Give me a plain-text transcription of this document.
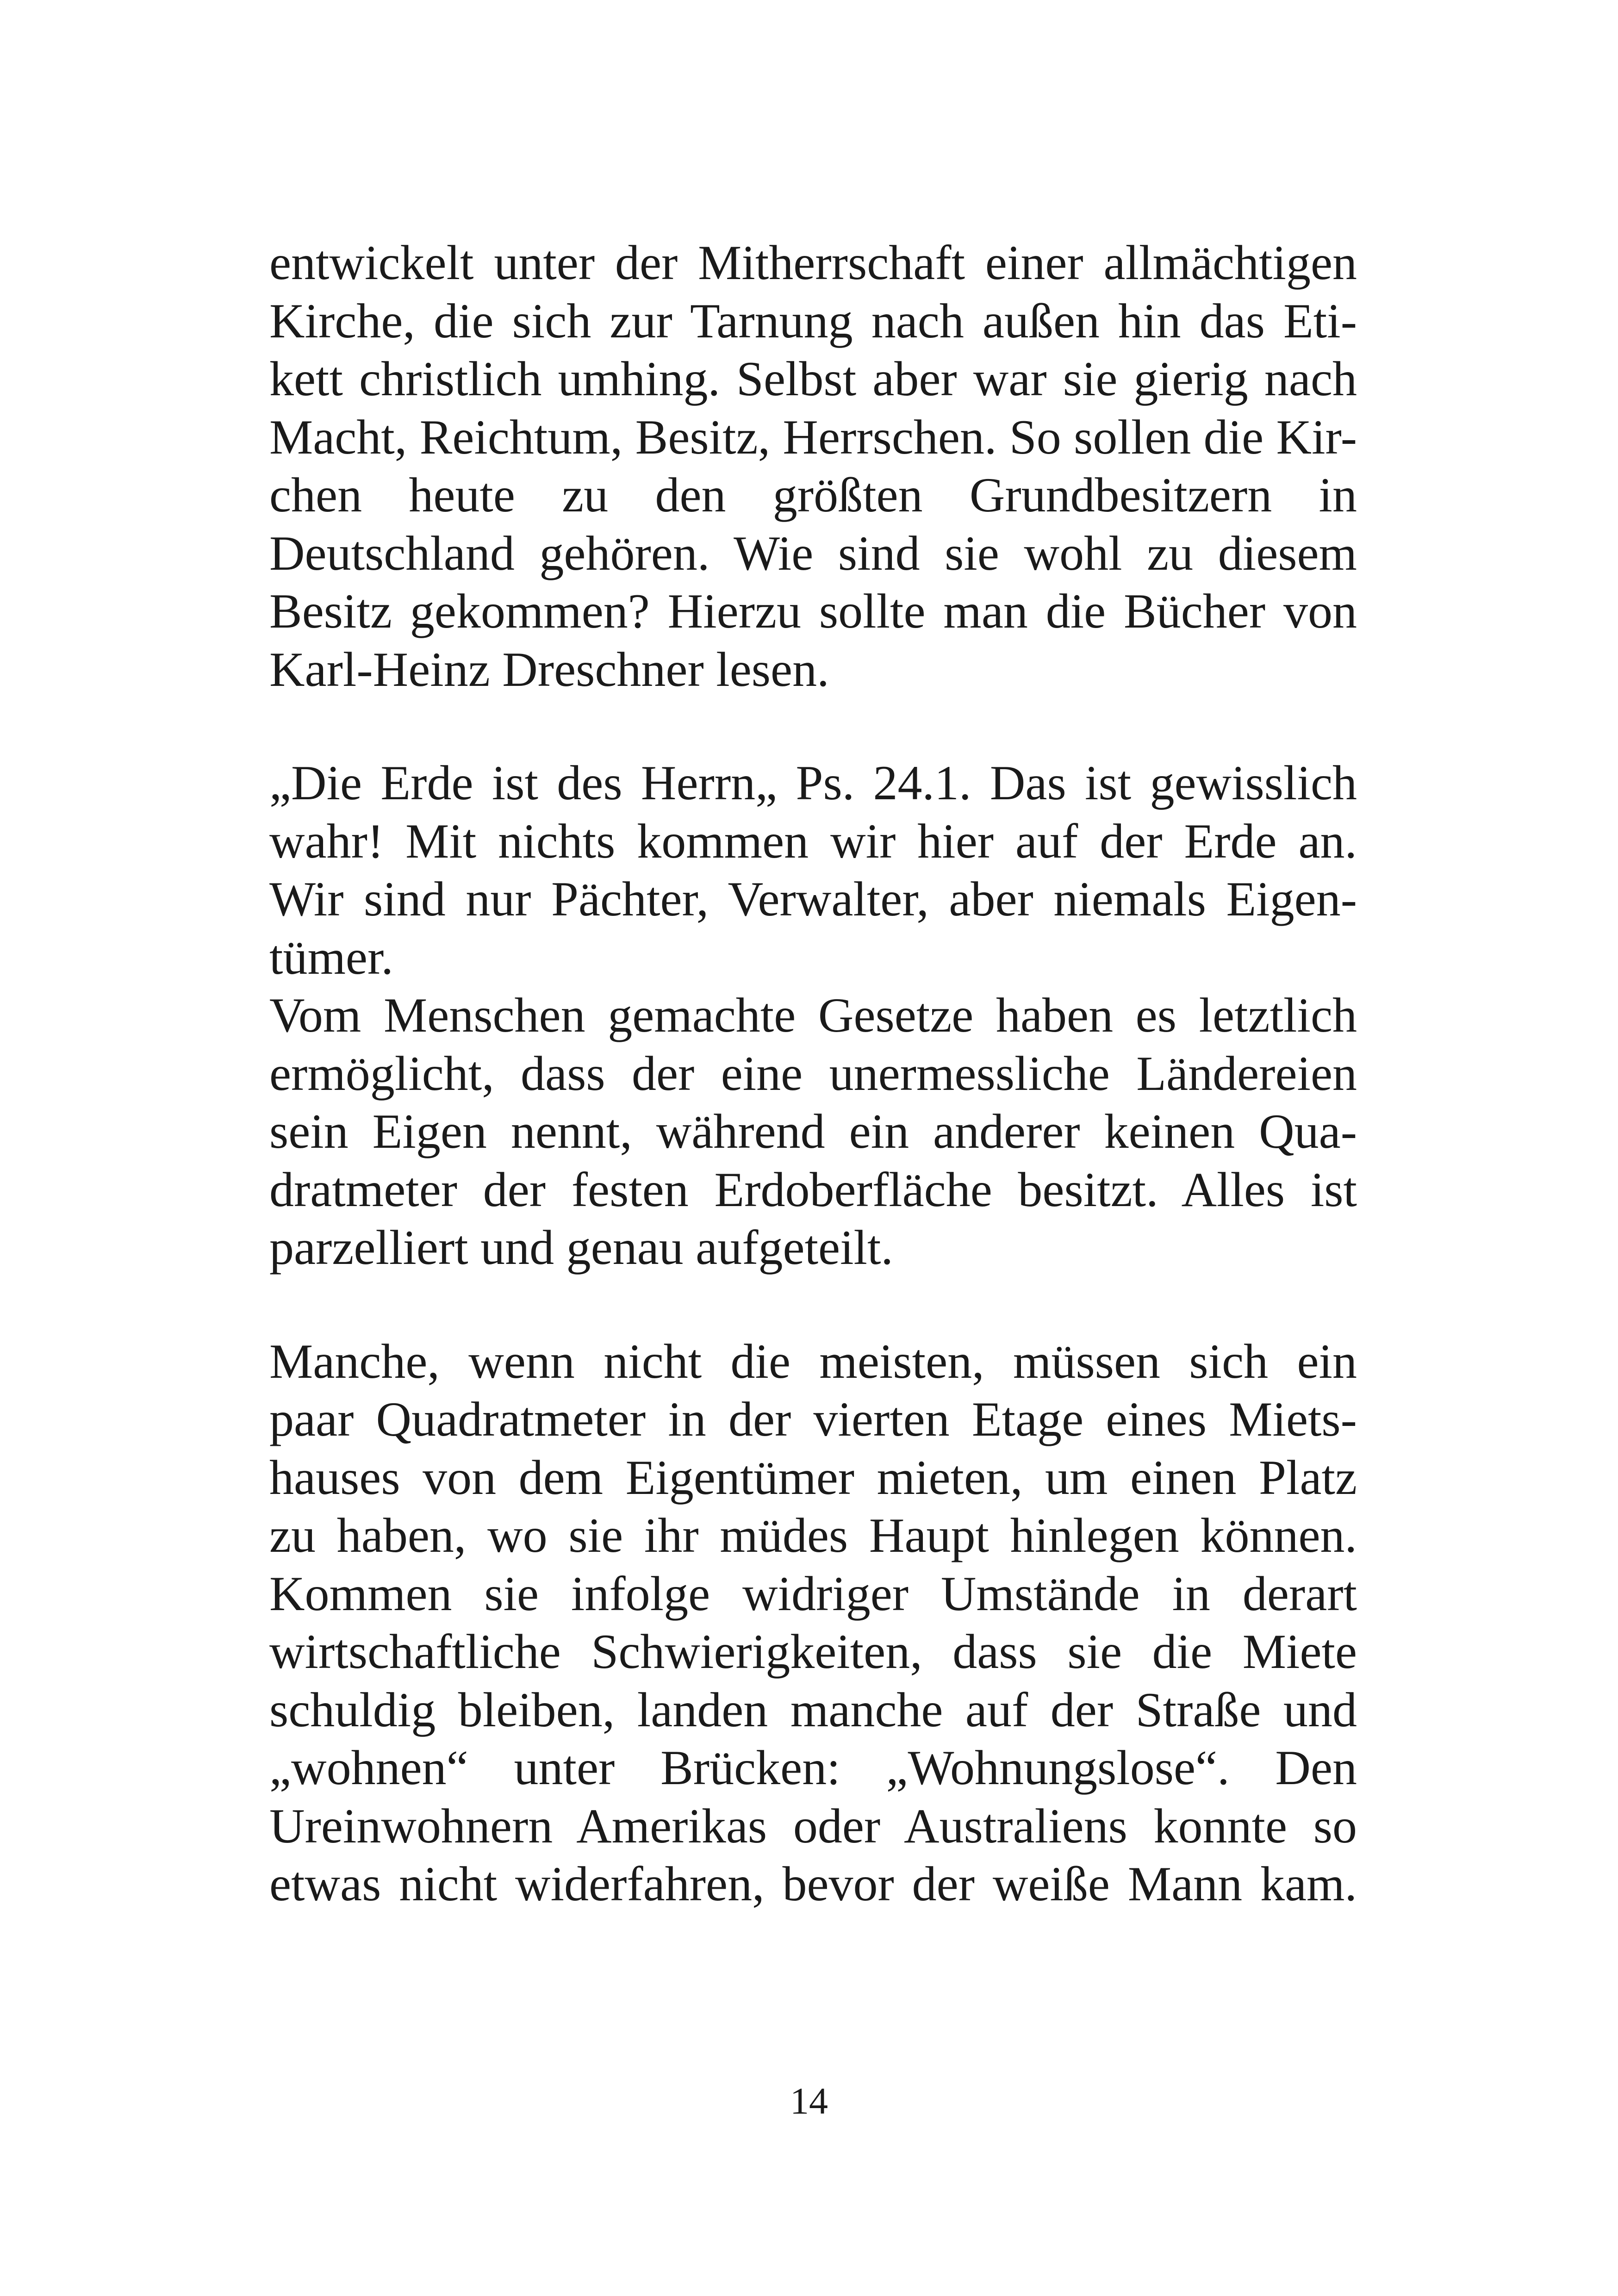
entwickelt unter der Mitherrschaft einer allmächtigen
Kirche, die sich zur Tarnung nach außen hin das Eti-
kett christlich umhing. Selbst aber war sie gierig nach
Macht, Reichtum, Besitz, Herrschen. So sollen die Kir-
chen heute zu den größten Grundbesitzern in
Deutschland gehören. Wie sind sie wohl zu diesem
Besitz gekommen? Hierzu sollte man die Bücher von
Karl-Heinz Dreschner lesen.
„Die Erde ist des Herrn„ Ps. 24.1. Das ist gewisslich
wahr! Mit nichts kommen wir hier auf der Erde an.
Wir sind nur Pächter, Verwalter, aber niemals Eigen-
tümer.
Vom Menschen gemachte Gesetze haben es letztlich
ermöglicht, dass der eine unermessliche Ländereien
sein Eigen nennt, während ein anderer keinen Qua-
dratmeter der festen Erdoberfläche besitzt. Alles ist
parzelliert und genau aufgeteilt.
Manche, wenn nicht die meisten, müssen sich ein
paar Quadratmeter in der vierten Etage eines Miets-
hauses von dem Eigentümer mieten, um einen Platz
zu haben, wo sie ihr müdes Haupt hinlegen können.
Kommen sie infolge widriger Umstände in derart
wirtschaftliche Schwierigkeiten, dass sie die Miete
schuldig bleiben, landen manche auf der Straße und
„wohnen“ unter Brücken: „Wohnungslose“. Den
Ureinwohnern Amerikas oder Australiens konnte so
etwas nicht widerfahren, bevor der weiße Mann kam.
14
